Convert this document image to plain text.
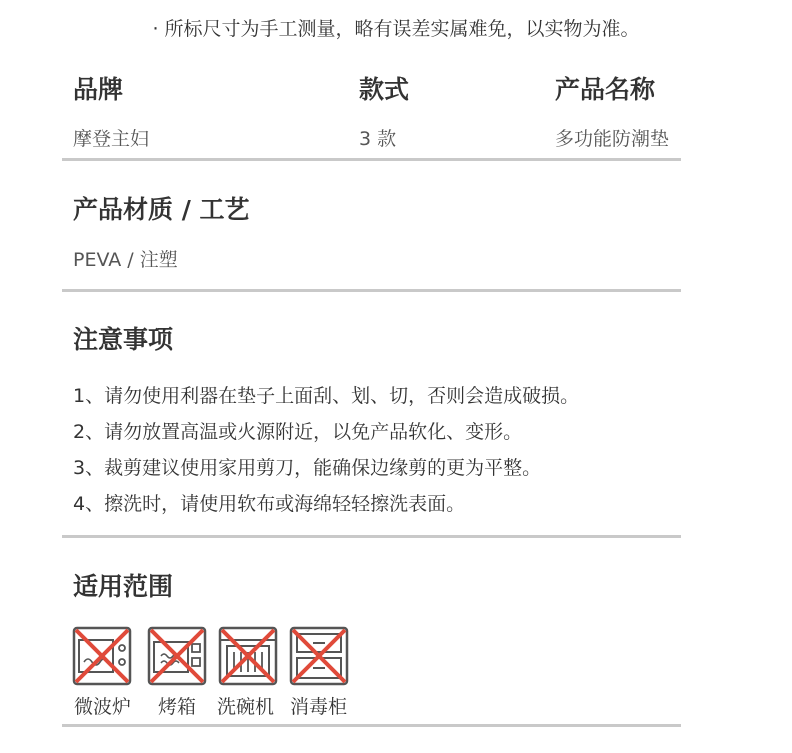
· 所标尺寸为手工测量，略有误差实属难免，以实物为准。
品牌	款式	产品名称
摩登主妇	3 款	多功能防潮垫
产品材质 / 工艺
PEVA / 注塑
注意事项
1、请勿使用利器在垫子上面刮、划、切，否则会造成破损。
2、请勿放置高温或火源附近，以免产品软化、变形。
3、裁剪建议使用家用剪刀，能确保边缘剪的更为平整。
4、擦洗时，请使用软布或海绵轻轻擦洗表面。
适用范围
微波炉 烤箱 洗碗机 消毒柜
